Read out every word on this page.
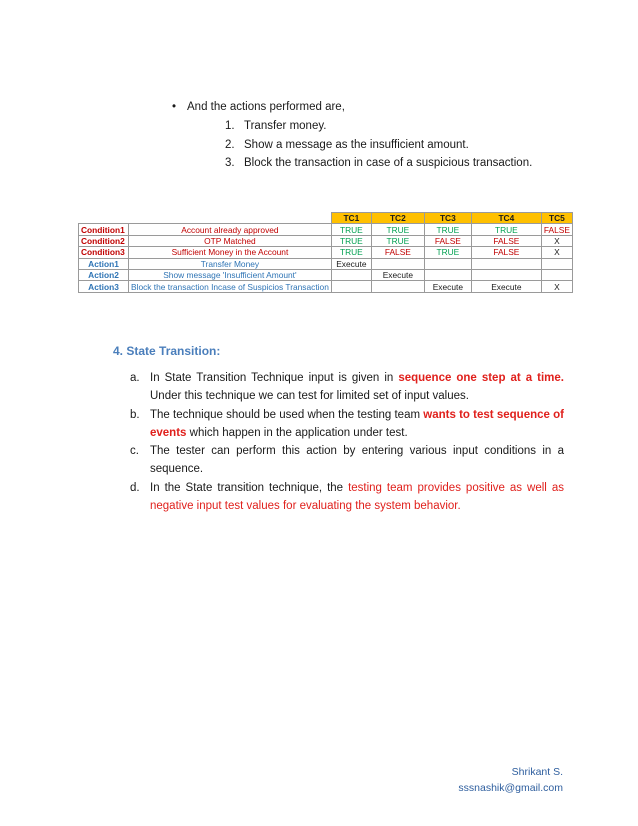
• And the actions performed are,
1. Transfer money.
2. Show a message as the insufficient amount.
3. Block the transaction in case of a suspicious transaction.
		TC1	TC2	TC3	TC4	TC5
Condition1	Account already approved	TRUE	TRUE	TRUE	TRUE	FALSE
Condition2	OTP Matched	TRUE	TRUE	FALSE	FALSE	X
Condition3	Sufficient Money in the Account	TRUE	FALSE	TRUE	FALSE	X
Action1	Transfer Money	Execute				
Action2	Show message 'Insufficient Amount'		Execute			
Action3	Block the transaction Incase of Suspicios Transaction			Execute	Execute	X
4. State Transition:
a. In State Transition Technique input is given in sequence one step at a time. Under this technique we can test for limited set of input values.
b. The technique should be used when the testing team wants to test sequence of events which happen in the application under test.
c. The tester can perform this action by entering various input conditions in a sequence.
d. In the State transition technique, the testing team provides positive as well as negative input test values for evaluating the system behavior.
Shrikant S.
sssnashik@gmail.com
